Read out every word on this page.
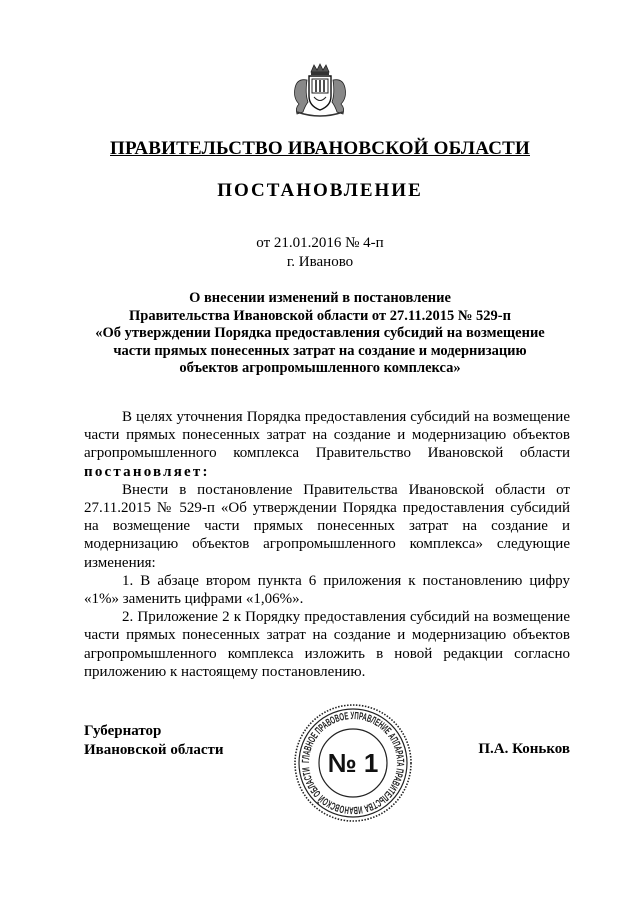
ПРАВИТЕЛЬСТВО ИВАНОВСКОЙ ОБЛАСТИ
ПОСТАНОВЛЕНИЕ
от 21.01.2016 № 4-п
г. Иваново
О внесении изменений в постановление
Правительства Ивановской области от 27.11.2015 № 529-п
«Об утверждении Порядка предоставления субсидий на возмещение
части прямых понесенных затрат на создание и модернизацию
объектов агропромышленного комплекса»

В целях уточнения Порядка предоставления субсидий на возмещение части прямых понесенных затрат на создание и модернизацию объектов агропромышленного комплекса Правительство Ивановской области постановляет:

Внести в постановление Правительства Ивановской области от 27.11.2015 № 529-п «Об утверждении Порядка предоставления субсидий на возмещение части прямых понесенных затрат на создание и модернизацию объектов агропромышленного комплекса» следующие изменения:

1. В абзаце втором пункта 6 приложения к постановлению цифру «1%» заменить цифрами «1,06%».

2. Приложение 2 к Порядку предоставления субсидий на возмещение части прямых понесенных затрат на создание и модернизацию объектов агропромышленного комплекса изложить в новой редакции согласно приложению к настоящему постановлению.

Губернатор
Ивановской области	П.А. Коньков
ГЛАВНОЕ ПРАВОВОЕ УПРАВЛЕНИЕ АППАРАТА ПРАВИТЕЛЬСТВА ИВАНОВСКОЙ ОБЛАСТИ № 1
